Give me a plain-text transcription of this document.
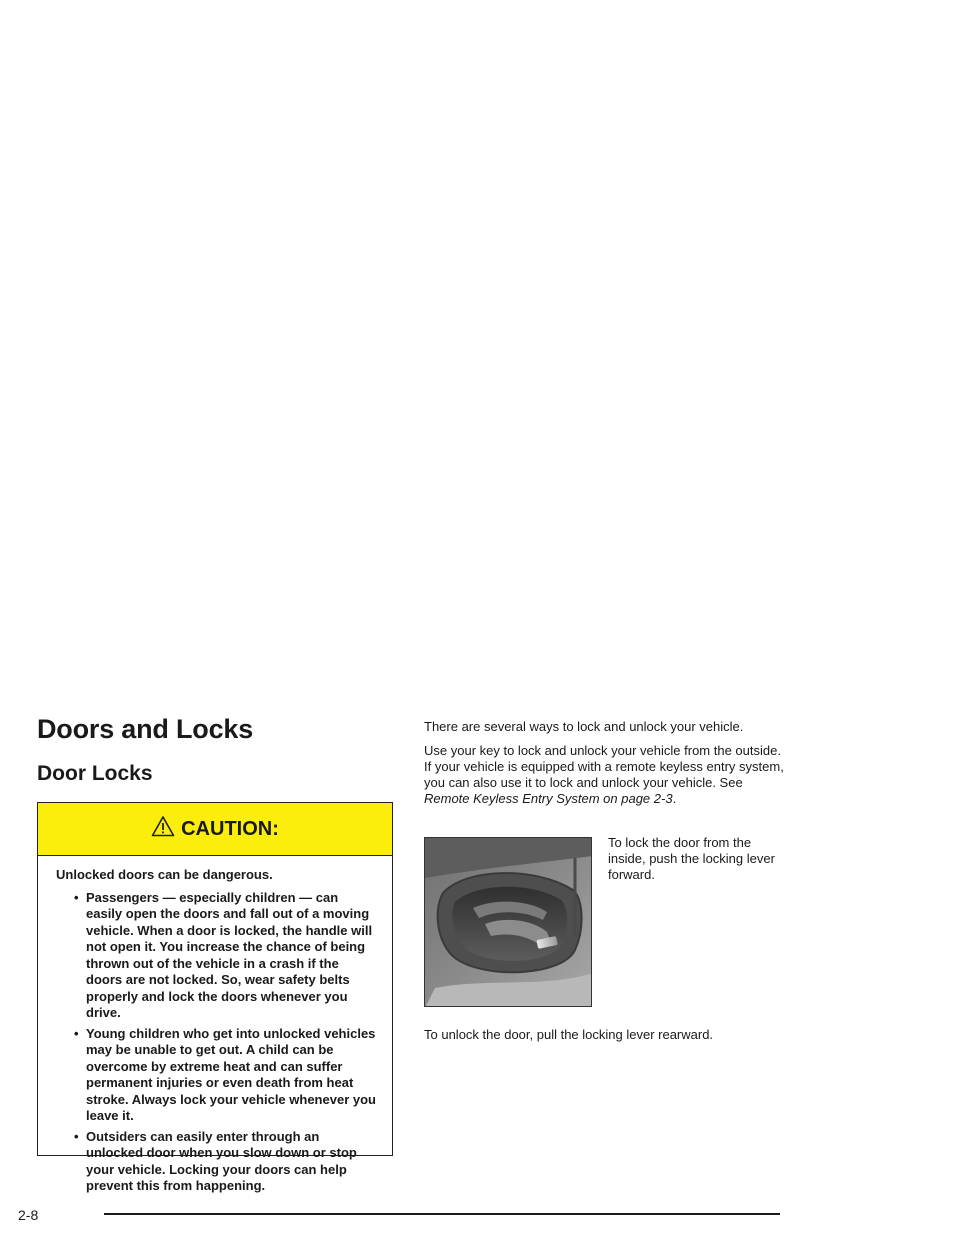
Doors and Locks
Door Locks
CAUTION:

Unlocked doors can be dangerous.

• Passengers — especially children — can easily open the doors and fall out of a moving vehicle. When a door is locked, the handle will not open it. You increase the chance of being thrown out of the vehicle in a crash if the doors are not locked. So, wear safety belts properly and lock the doors whenever you drive.
• Young children who get into unlocked vehicles may be unable to get out. A child can be overcome by extreme heat and can suffer permanent injuries or even death from heat stroke. Always lock your vehicle whenever you leave it.
• Outsiders can easily enter through an unlocked door when you slow down or stop your vehicle. Locking your doors can help prevent this from happening.

There are several ways to lock and unlock your vehicle.

Use your key to lock and unlock your vehicle from the outside. If your vehicle is equipped with a remote keyless entry system, you can also use it to lock and unlock your vehicle. See Remote Keyless Entry System on page 2-3.

To lock the door from the inside, push the locking lever forward.

To unlock the door, pull the locking lever rearward.

2-8
